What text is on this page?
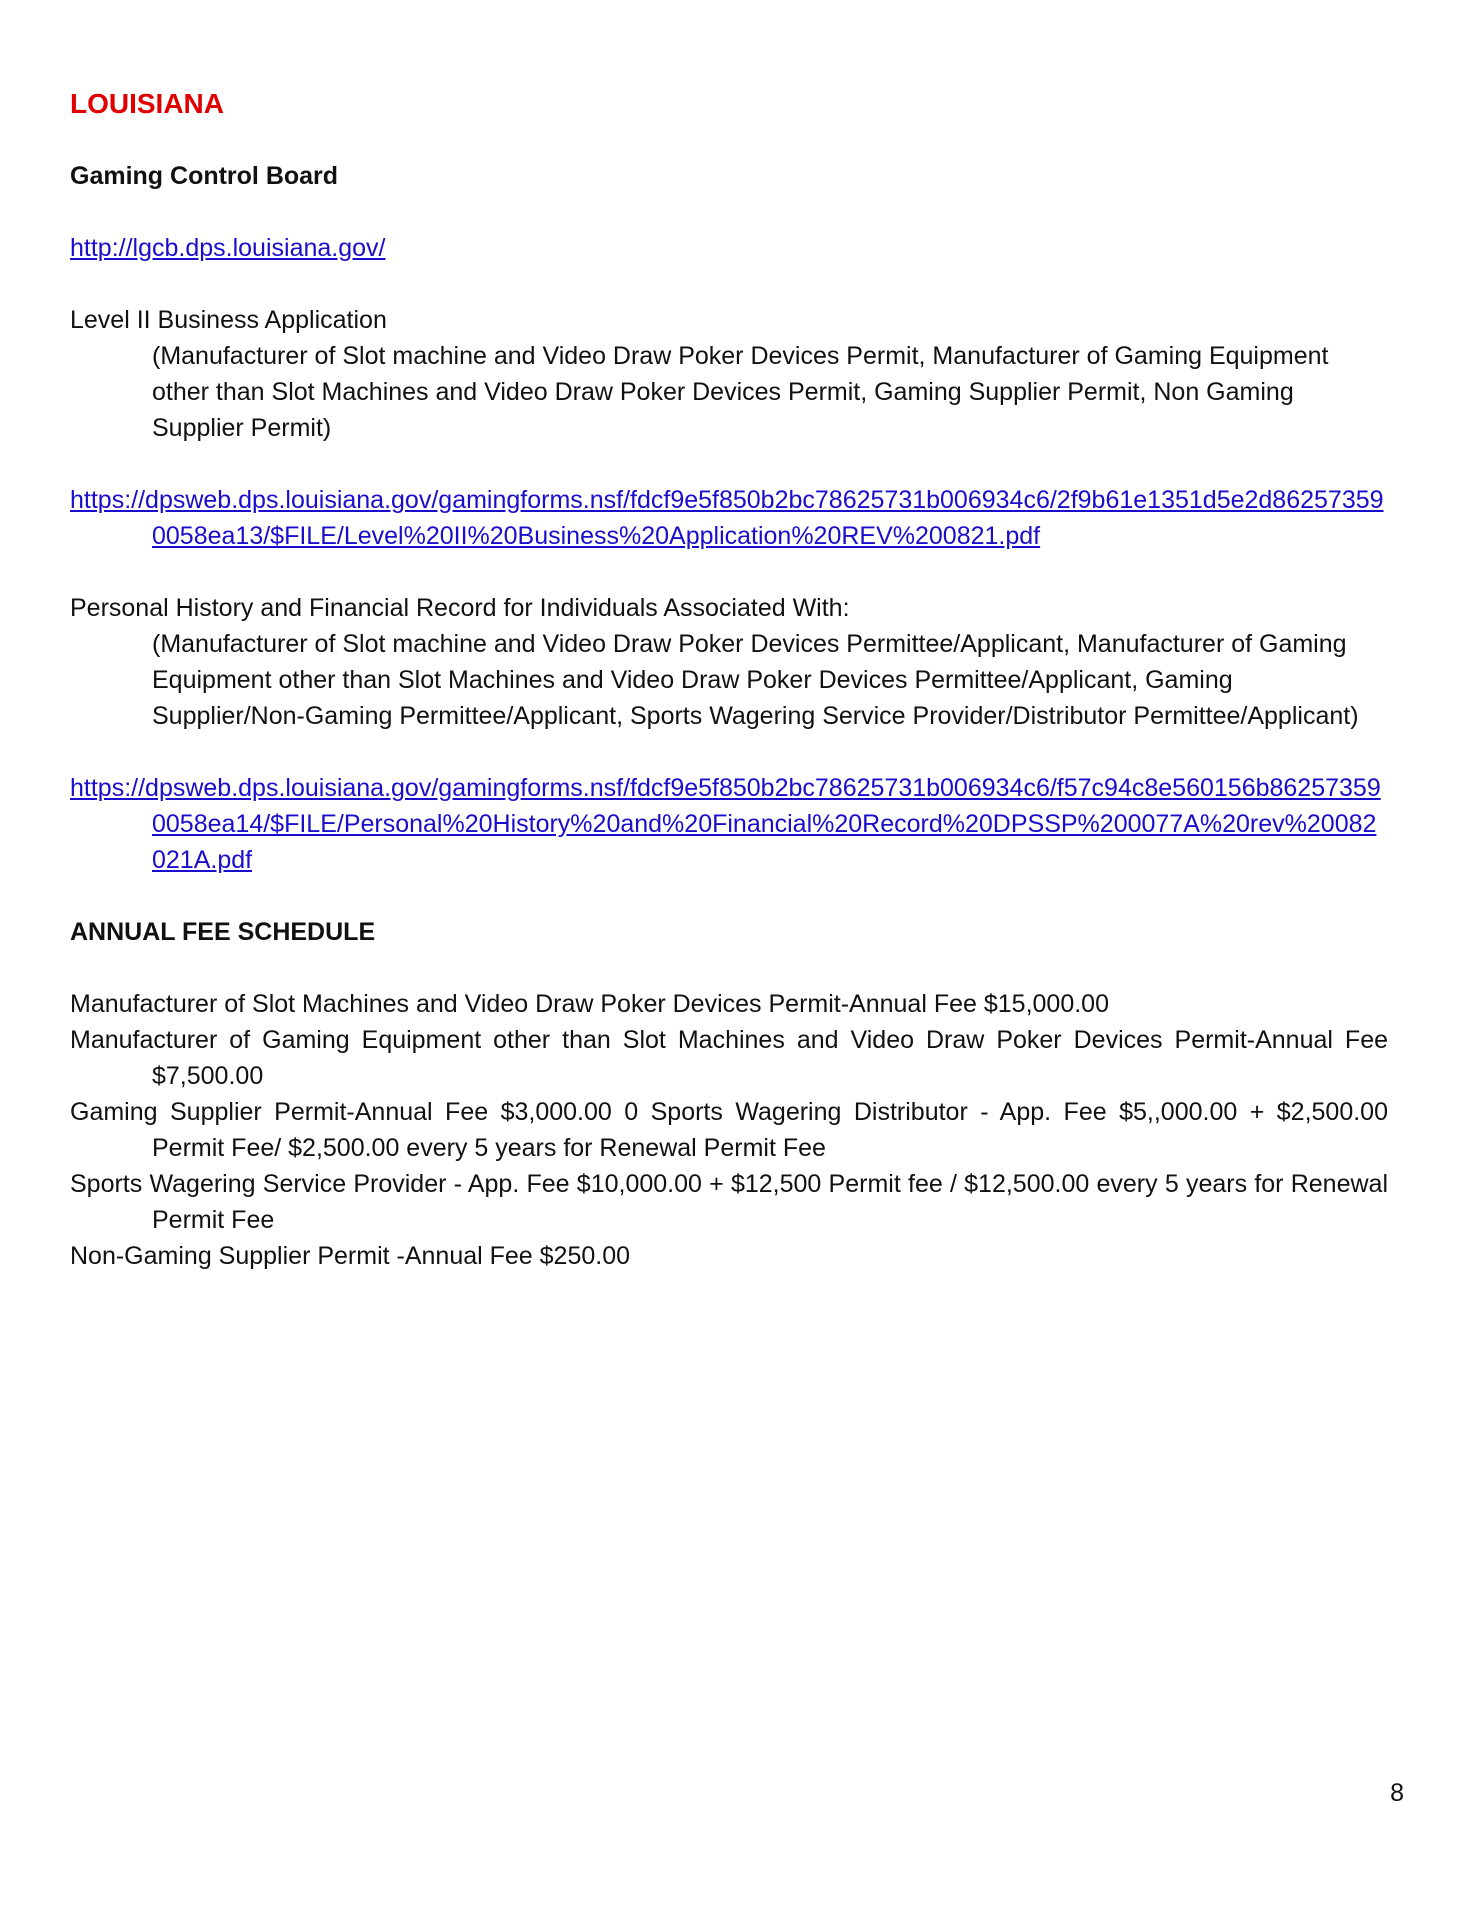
LOUISIANA
Gaming Control Board
http://lgcb.dps.louisiana.gov/
Level II Business Application
(Manufacturer of Slot machine and Video Draw Poker Devices Permit, Manufacturer of Gaming Equipment other than Slot Machines and Video Draw Poker Devices Permit, Gaming Supplier Permit, Non Gaming Supplier Permit)
https://dpsweb.dps.louisiana.gov/gamingforms.nsf/fdcf9e5f850b2bc78625731b006934c6/2f9b61e1351d5e2d862573590058ea13/$FILE/Level%20II%20Business%20Application%20REV%200821.pdf
Personal History and Financial Record for Individuals Associated With:
(Manufacturer of Slot machine and Video Draw Poker Devices Permittee/Applicant, Manufacturer of Gaming Equipment other than Slot Machines and Video Draw Poker Devices Permittee/Applicant, Gaming Supplier/Non-Gaming Permittee/Applicant, Sports Wagering Service Provider/Distributor Permittee/Applicant)
https://dpsweb.dps.louisiana.gov/gamingforms.nsf/fdcf9e5f850b2bc78625731b006934c6/f57c94c8e560156b862573590058ea14/$FILE/Personal%20History%20and%20Financial%20Record%20DPSSP%200077A%20rev%20082021A.pdf
ANNUAL FEE SCHEDULE
Manufacturer of Slot Machines and Video Draw Poker Devices Permit-Annual Fee $15,000.00
Manufacturer of Gaming Equipment other than Slot Machines and Video Draw Poker Devices Permit-Annual Fee $7,500.00
Gaming Supplier Permit-Annual Fee $3,000.00 0 Sports Wagering Distributor - App. Fee $5,,000.00 + $2,500.00 Permit Fee/ $2,500.00 every 5 years for Renewal Permit Fee
Sports Wagering Service Provider - App. Fee $10,000.00 + $12,500 Permit fee / $12,500.00 every 5 years for Renewal Permit Fee
Non-Gaming Supplier Permit -Annual Fee $250.00
8
